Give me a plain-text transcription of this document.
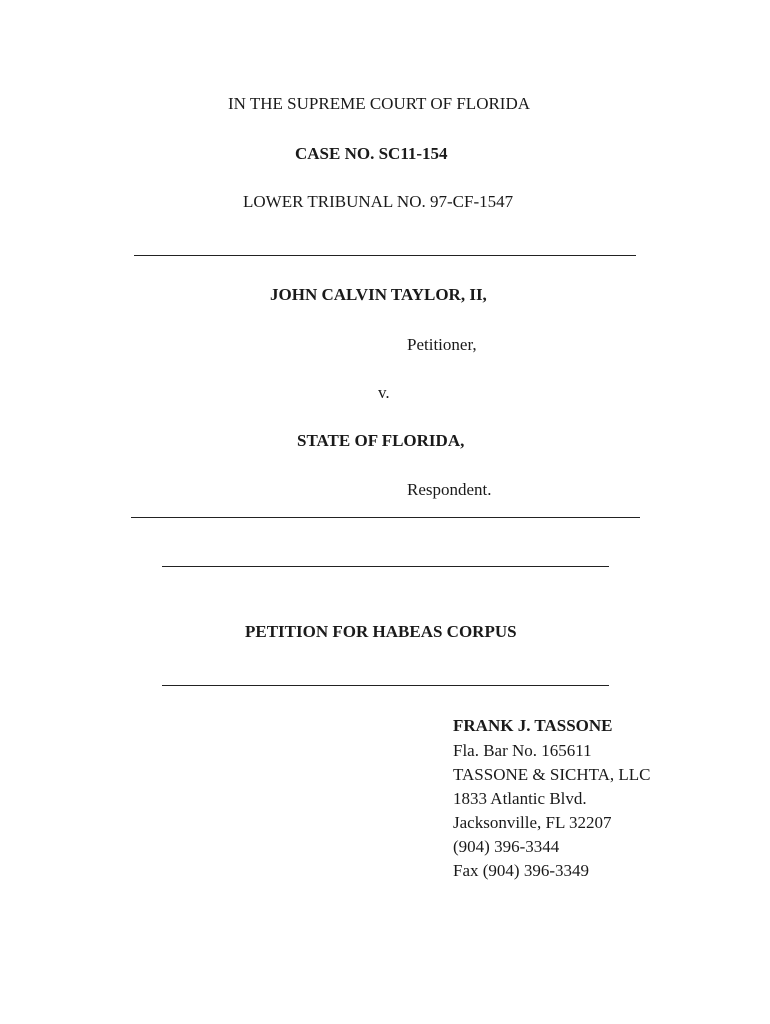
IN THE SUPREME COURT OF FLORIDA
CASE NO. SC11-154
LOWER TRIBUNAL NO. 97-CF-1547
JOHN CALVIN TAYLOR, II,
Petitioner,
v.
STATE OF FLORIDA,
Respondent.
PETITION FOR HABEAS CORPUS
FRANK J. TASSONE
Fla. Bar No. 165611
TASSONE & SICHTA, LLC
1833 Atlantic Blvd.
Jacksonville, FL 32207
(904) 396-3344
Fax (904) 396-3349
